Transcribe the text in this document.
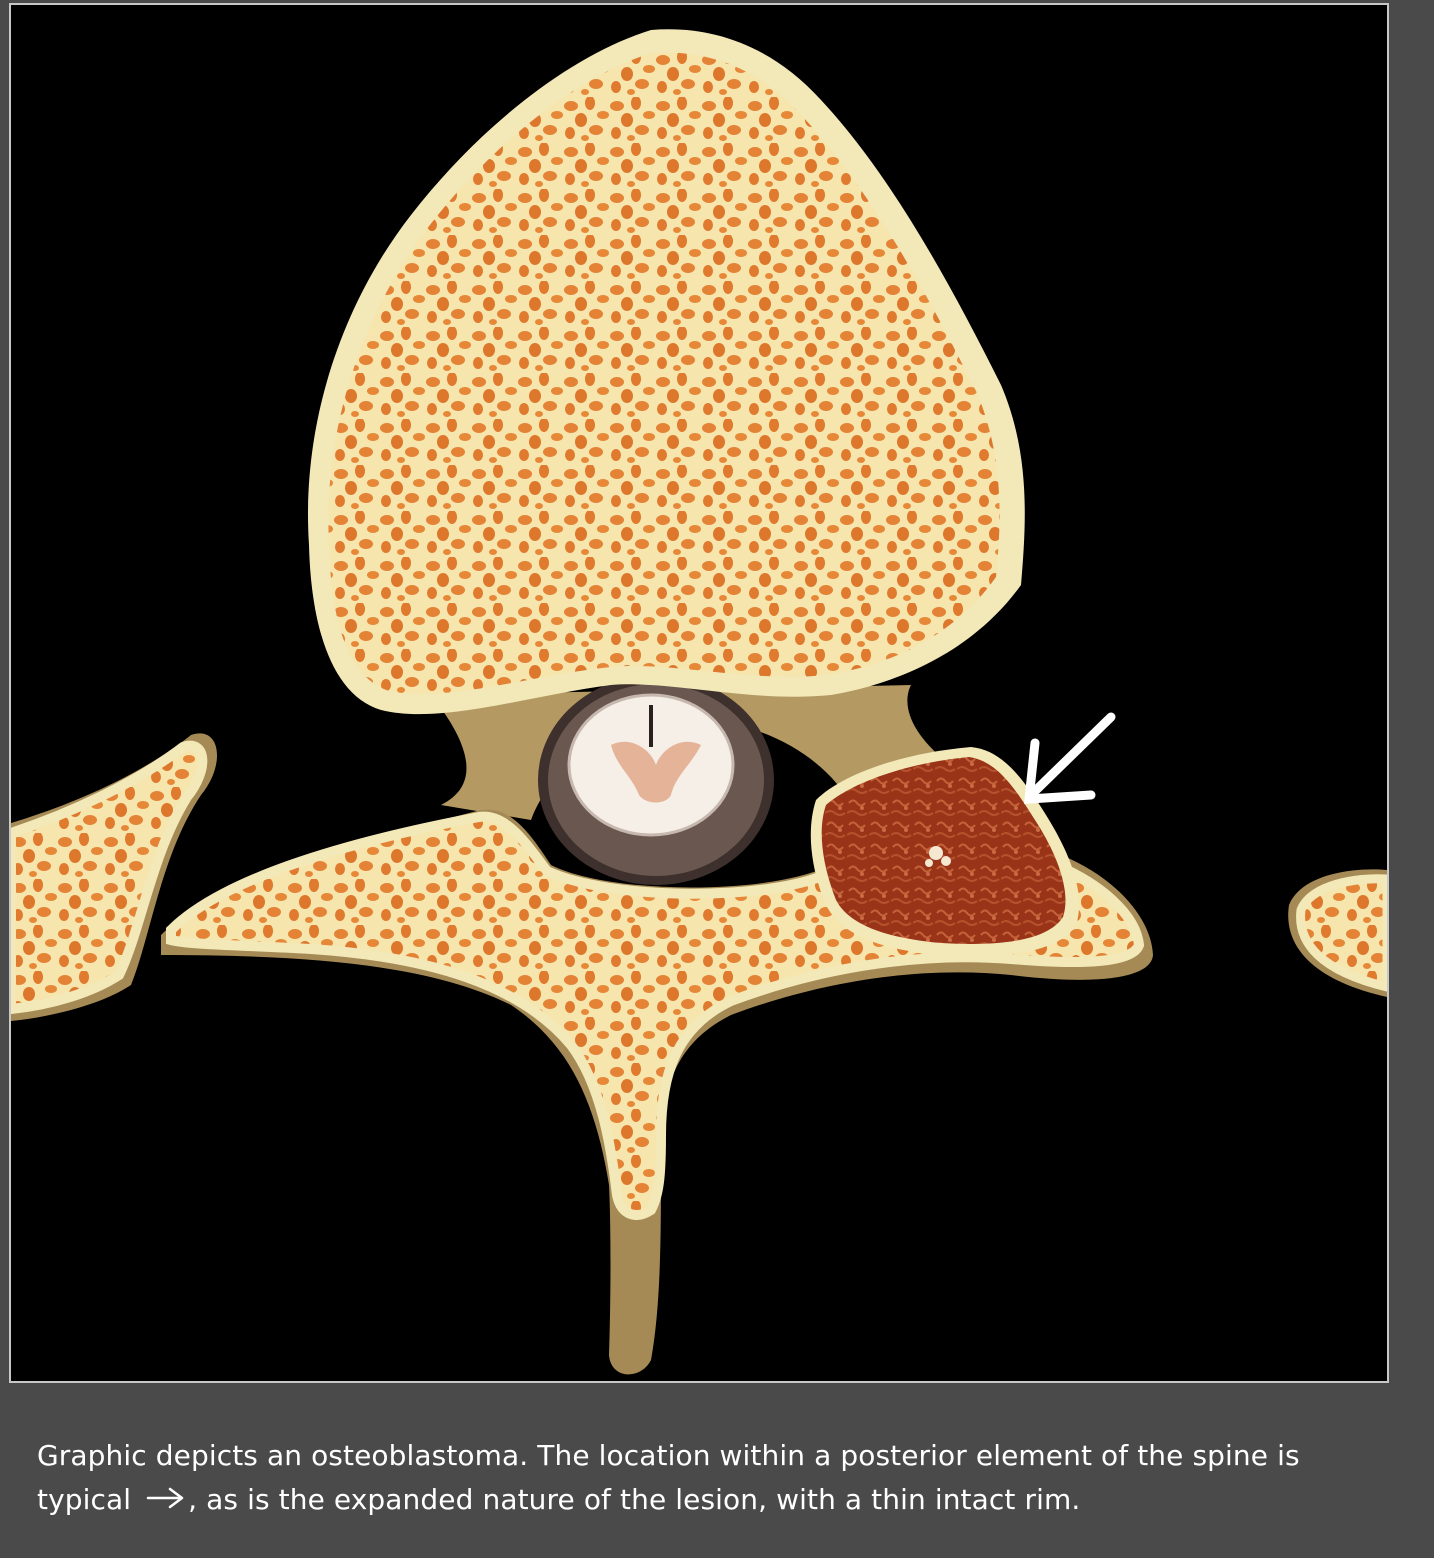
Graphic depicts an osteoblastoma. The location within a posterior element of the spine is typical , as is the expanded nature of the lesion, with a thin intact rim.
